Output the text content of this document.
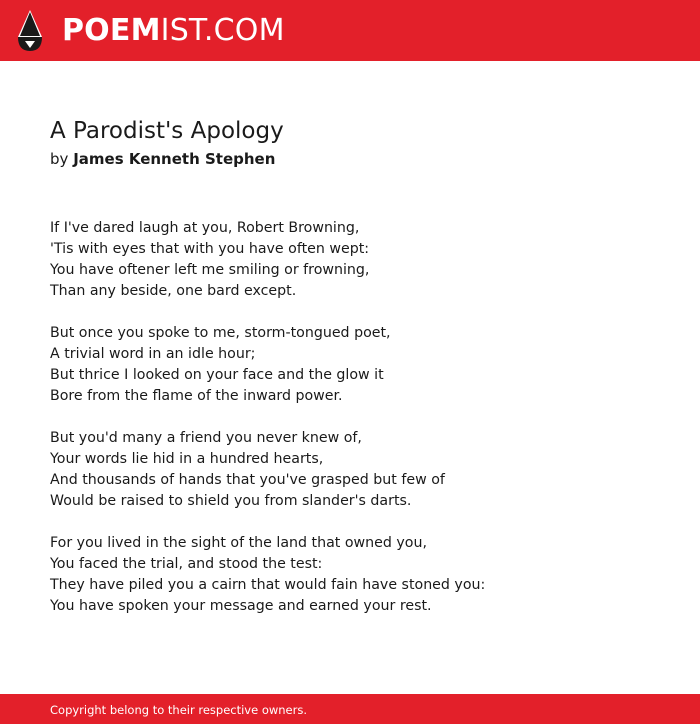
POEMIST.COM
A Parodist's Apology
by James Kenneth Stephen
If I've dared laugh at you, Robert Browning,
'Tis with eyes that with you have often wept:
You have oftener left me smiling or frowning,
Than any beside, one bard except.
But once you spoke to me, storm-tongued poet,
A trivial word in an idle hour;
But thrice I looked on your face and the glow it
Bore from the flame of the inward power.
But you'd many a friend you never knew of,
Your words lie hid in a hundred hearts,
And thousands of hands that you've grasped but few of
Would be raised to shield you from slander's darts.
For you lived in the sight of the land that owned you,
You faced the trial, and stood the test:
They have piled you a cairn that would fain have stoned you:
You have spoken your message and earned your rest.
Copyright belong to their respective owners.
